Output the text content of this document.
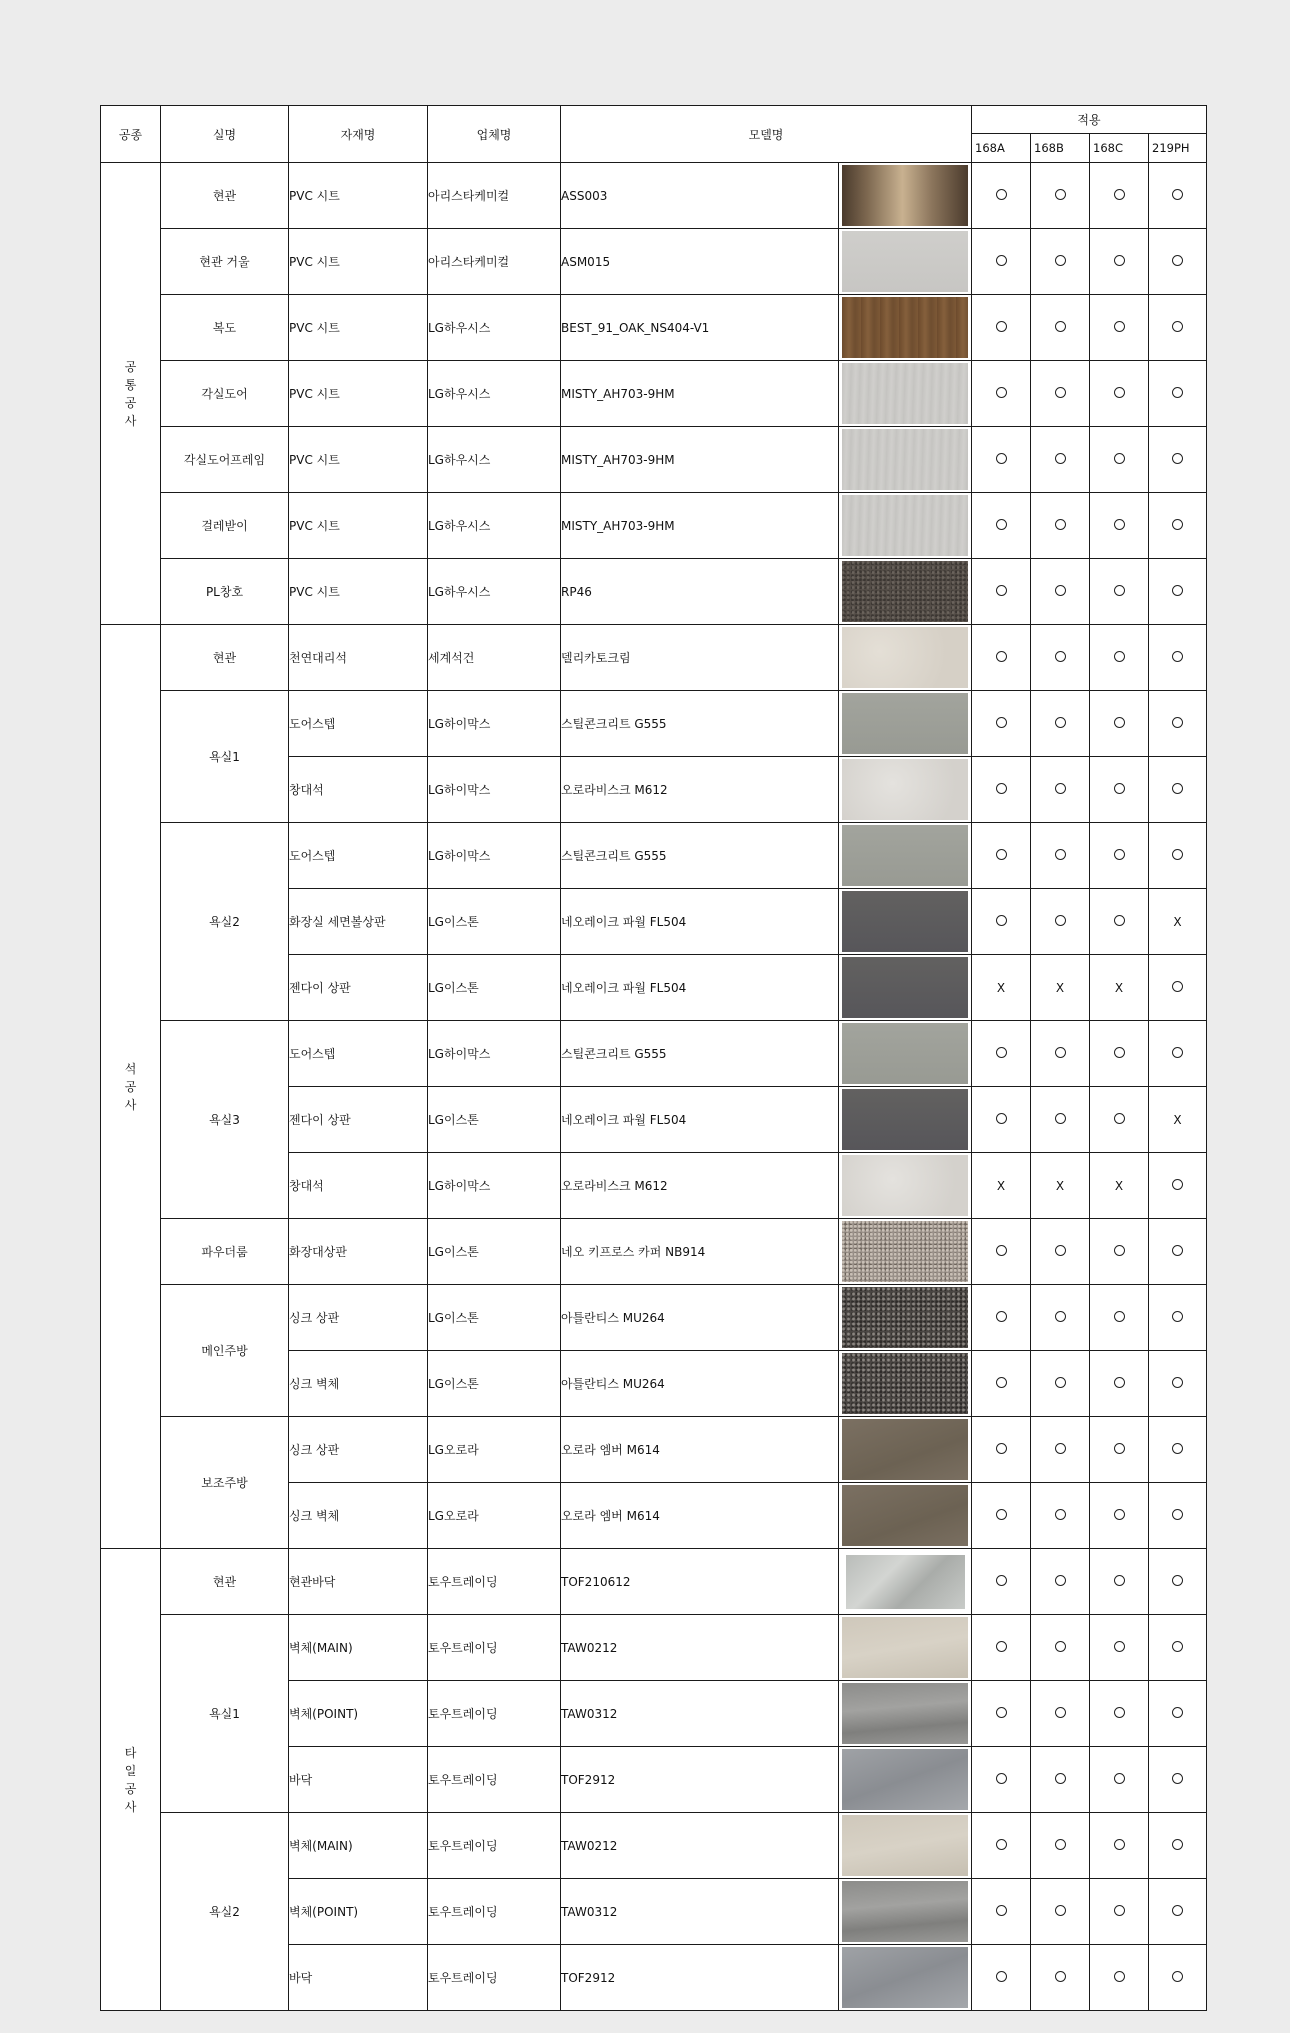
공종	실명	자재명	업체명	모델명		적용			
						168A	168B	168C	219PH
공
통
공
사	현관	PVC 시트	아리스타케미컬	ASS003	

	현관 거울	PVC 시트	아리스타케미컬	ASM015	

	복도	PVC 시트	LG하우시스	BEST_91_OAK_NS404-V1	

	각실도어	PVC 시트	LG하우시스	MISTY_AH703-9HM	

	각실도어프레임	PVC 시트	LG하우시스	MISTY_AH703-9HM	

	걸레받이	PVC 시트	LG하우시스	MISTY_AH703-9HM	

	PL창호	PVC 시트	LG하우시스	RP46	

석
공
사	현관	천연대리석	세계석건	델리카토크림	

	욕실1	도어스텝	LG하이막스	스틸콘크리트 G555	

		창대석	LG하이막스	오로라비스크 M612	

	욕실2	도어스텝	LG하이막스	스틸콘크리트 G555	

		화장실 세면볼상판	LG이스톤	네오레이크 파월 FL504					X
		젠다이 상판	LG이스톤	네오레이크 파월 FL504		X	X	X	
	욕실3	도어스텝	LG하이막스	스틸콘크리트 G555	

		젠다이 상판	LG이스톤	네오레이크 파월 FL504					X
		창대석	LG하이막스	오로라비스크 M612		X	X	X	
	파우더룸	화장대상판	LG이스톤	네오 키프로스 카퍼 NB914	

	메인주방	싱크 상판	LG이스톤	아틀란티스 MU264	

		싱크 벽체	LG이스톤	아틀란티스 MU264	

	보조주방	싱크 상판	LG오로라	오로라 엠버 M614	

		싱크 벽체	LG오로라	오로라 엠버 M614	

타
일
공
사	현관	현관바닥	토우트레이딩	TOF210612	

	욕실1	벽체(MAIN)	토우트레이딩	TAW0212	

		벽체(POINT)	토우트레이딩	TAW0312	

		바닥	토우트레이딩	TOF2912	

	욕실2	벽체(MAIN)	토우트레이딩	TAW0212	

		벽체(POINT)	토우트레이딩	TAW0312	

		바닥	토우트레이딩	TOF2912	
